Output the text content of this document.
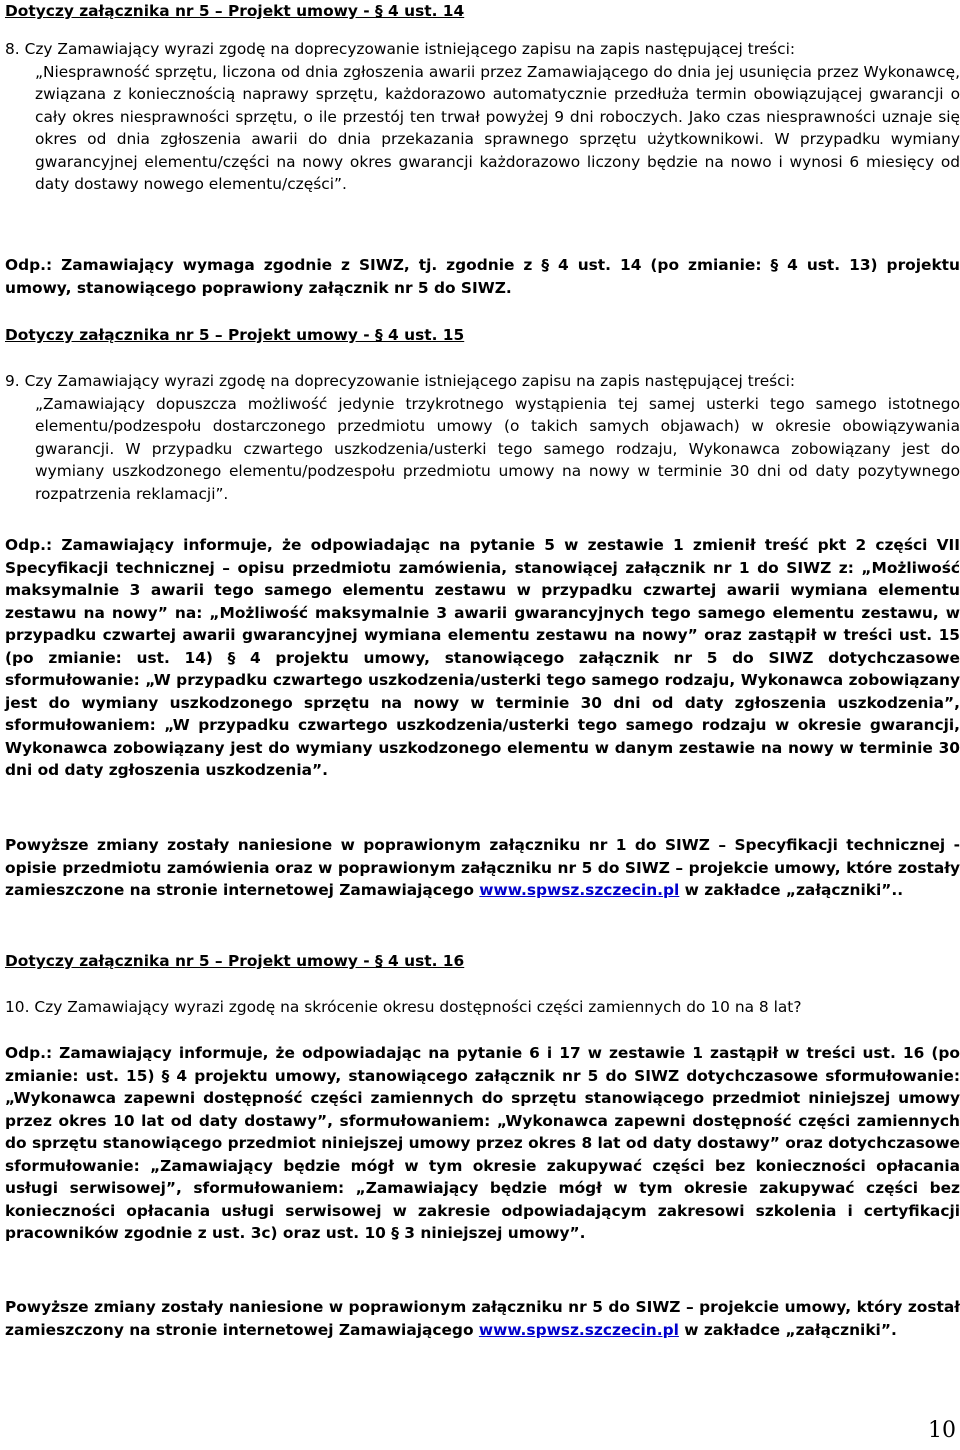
Dotyczy załącznika nr 5 – Projekt umowy - § 4 ust. 14

8. Czy Zamawiający wyrazi zgodę na doprecyzowanie istniejącego zapisu na zapis następującej treści:
„Niesprawność sprzętu, liczona od dnia zgłoszenia awarii przez Zamawiającego do dnia jej usunięcia przez Wykonawcę, związana z koniecznością naprawy sprzętu, każdorazowo automatycznie przedłuża termin obowiązującej gwarancji o cały okres niesprawności sprzętu, o ile przestój ten trwał powyżej 9 dni roboczych. Jako czas niesprawności uznaje się okres od dnia zgłoszenia awarii do dnia przekazania sprawnego sprzętu użytkownikowi. W przypadku wymiany gwarancyjnej elementu/części na nowy okres gwarancji każdorazowo liczony będzie na nowo i wynosi 6 miesięcy od daty dostawy nowego elementu/części”.

Odp.: Zamawiający wymaga zgodnie z SIWZ, tj. zgodnie z § 4 ust. 14 (po zmianie: § 4 ust. 13) projektu umowy, stanowiącego poprawiony załącznik nr 5 do SIWZ.

Dotyczy załącznika nr 5 – Projekt umowy - § 4 ust. 15

9. Czy Zamawiający wyrazi zgodę na doprecyzowanie istniejącego zapisu na zapis następującej treści:
„Zamawiający dopuszcza możliwość jedynie trzykrotnego wystąpienia tej samej usterki tego samego istotnego elementu/podzespołu dostarczonego przedmiotu umowy (o takich samych objawach) w okresie obowiązywania gwarancji. W przypadku czwartego uszkodzenia/usterki tego samego rodzaju, Wykonawca zobowiązany jest do wymiany uszkodzonego elementu/podzespołu przedmiotu umowy na nowy w terminie 30 dni od daty pozytywnego rozpatrzenia reklamacji”.

Odp.: Zamawiający informuje, że odpowiadając na pytanie 5 w zestawie 1 zmienił treść pkt 2 części VII Specyfikacji technicznej – opisu przedmiotu zamówienia, stanowiącej załącznik nr 1 do SIWZ z: „Możliwość maksymalnie 3 awarii tego samego elementu zestawu w przypadku czwartej awarii wymiana elementu zestawu na nowy” na: „Możliwość maksymalnie 3 awarii gwarancyjnych tego samego elementu zestawu, w przypadku czwartej awarii gwarancyjnej wymiana elementu zestawu na nowy” oraz zastąpił w treści ust. 15 (po zmianie: ust. 14) § 4 projektu umowy, stanowiącego załącznik nr 5 do SIWZ dotychczasowe sformułowanie: „W przypadku czwartego uszkodzenia/usterki tego samego rodzaju, Wykonawca zobowiązany jest do wymiany uszkodzonego sprzętu na nowy w terminie 30 dni od daty zgłoszenia uszkodzenia”, sformułowaniem: „W przypadku czwartego uszkodzenia/usterki tego samego rodzaju w okresie gwarancji, Wykonawca zobowiązany jest do wymiany uszkodzonego elementu w danym zestawie na nowy w terminie 30 dni od daty zgłoszenia uszkodzenia”.

Powyższe zmiany zostały naniesione w poprawionym załączniku nr 1 do SIWZ – Specyfikacji technicznej - opisie przedmiotu zamówienia oraz w poprawionym załączniku nr 5 do SIWZ – projekcie umowy, które zostały zamieszczone na stronie internetowej Zamawiającego www.spwsz.szczecin.pl w zakładce „załączniki”..

Dotyczy załącznika nr 5 – Projekt umowy - § 4 ust. 16

10. Czy Zamawiający wyrazi zgodę na skrócenie okresu dostępności części zamiennych do 10 na 8 lat?

Odp.: Zamawiający informuje, że odpowiadając na pytanie 6 i 17 w zestawie 1 zastąpił w treści ust. 16 (po zmianie: ust. 15) § 4 projektu umowy, stanowiącego załącznik nr 5 do SIWZ dotychczasowe sformułowanie: „Wykonawca zapewni dostępność części zamiennych do sprzętu stanowiącego przedmiot niniejszej umowy przez okres 10 lat od daty dostawy”, sformułowaniem: „Wykonawca zapewni dostępność części zamiennych do sprzętu stanowiącego przedmiot niniejszej umowy przez okres 8 lat od daty dostawy” oraz dotychczasowe sformułowanie: „Zamawiający będzie mógł w tym okresie zakupywać części bez konieczności opłacania usługi serwisowej”, sformułowaniem: „Zamawiający będzie mógł w tym okresie zakupywać części bez konieczności opłacania usługi serwisowej w zakresie odpowiadającym zakresowi szkolenia i certyfikacji pracowników zgodnie z ust. 3c) oraz ust. 10 § 3 niniejszej umowy”.

Powyższe zmiany zostały naniesione w poprawionym załączniku nr 5 do SIWZ – projekcie umowy, który został zamieszczony na stronie internetowej Zamawiającego www.spwsz.szczecin.pl w zakładce „załączniki”.

10
